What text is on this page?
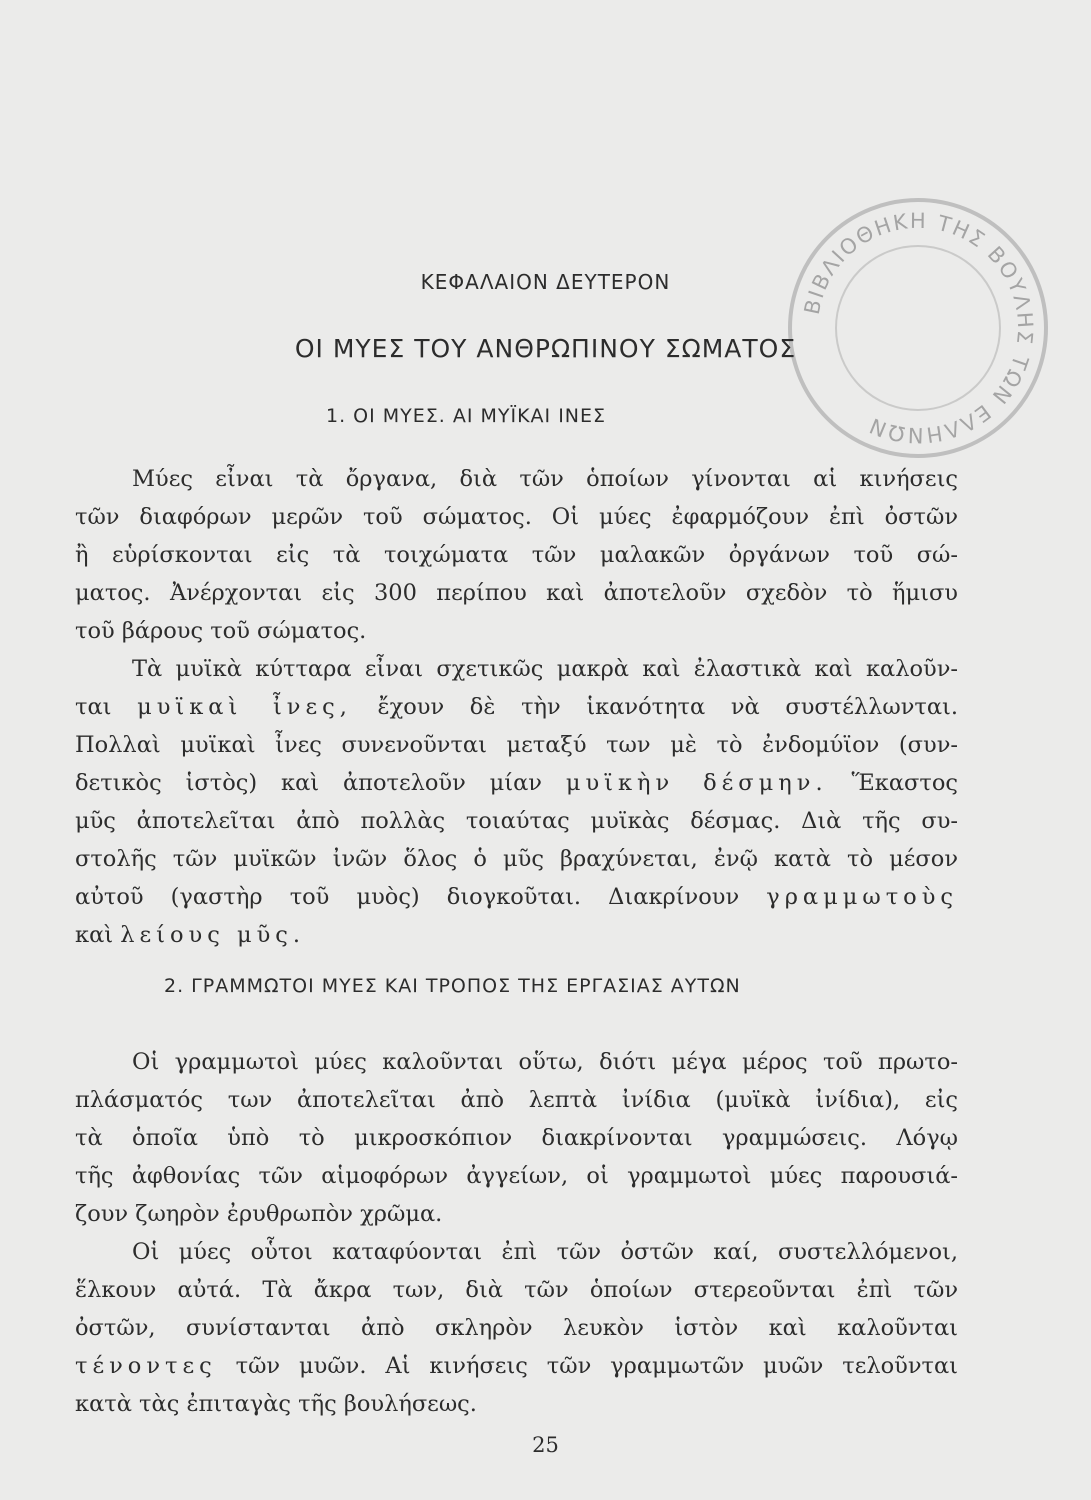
ΒΙΒΛΙΟΘΗΚΗ ΤΗΣ ΒΟΥΛΗΣ ΤΩΝ ΕΛΛΗΝΩΝ

ΚΕΦΑΛΑΙΟΝ ΔΕΥΤΕΡΟΝ

ΟΙ ΜΥΕΣ ΤΟΥ ΑΝΘΡΩΠΙΝΟΥ ΣΩΜΑΤΟΣ
1. ΟΙ ΜΥΕΣ. ΑΙ ΜΥΪΚΑΙ ΙΝΕΣ

Μύες εἶναι τὰ ὄργανα, διὰ τῶν ὁποίων γίνονται αἱ κινήσεις

τῶν διαφόρων μερῶν τοῦ σώματος. Οἱ μύες ἐφαρμόζουν ἐπὶ ὀστῶν

ἢ εὑρίσκονται εἰς τὰ τοιχώματα τῶν μαλακῶν ὀργάνων τοῦ σώ-

ματος. Ἀνέρχονται εἰς 300 περίπου καὶ ἀποτελοῦν σχεδὸν τὸ ἥμισυ

τοῦ βάρους τοῦ σώματος.

Τὰ μυϊκὰ κύτταρα εἶναι σχετικῶς μακρὰ καὶ ἐλαστικὰ καὶ καλοῦν-

ται μυϊκαὶ ἶνες, ἔχουν δὲ τὴν ἱκανότητα νὰ συστέλλωνται.

Πολλαὶ μυϊκαὶ ἶνες συνενοῦνται μεταξύ των μὲ τὸ ἐνδομύϊον (συν-

δετικὸς ἱστὸς) καὶ ἀποτελοῦν μίαν μυϊκὴν δέσμην. Ἕκαστος

μῦς ἀποτελεῖται ἀπὸ πολλὰς τοιαύτας μυϊκὰς δέσμας. Διὰ τῆς συ-

στολῆς τῶν μυϊκῶν ἰνῶν ὅλος ὁ μῦς βραχύνεται, ἐνῷ κατὰ τὸ μέσον

αὐτοῦ (γαστὴρ τοῦ μυὸς) διογκοῦται. Διακρίνουν γραμμωτοὺς

καὶ λείους μῦς.

2. ΓΡΑΜΜΩΤΟΙ ΜΥΕΣ ΚΑΙ ΤΡΟΠΟΣ ΤΗΣ ΕΡΓΑΣΙΑΣ ΑΥΤΩΝ

Οἱ γραμμωτοὶ μύες καλοῦνται οὕτω, διότι μέγα μέρος τοῦ πρωτο-

πλάσματός των ἀποτελεῖται ἀπὸ λεπτὰ ἰνίδια (μυϊκὰ ἰνίδια), εἰς

τὰ ὁποῖα ὑπὸ τὸ μικροσκόπιον διακρίνονται γραμμώσεις. Λόγῳ

τῆς ἀφθονίας τῶν αἱμοφόρων ἀγγείων, οἱ γραμμωτοὶ μύες παρουσιά-

ζουν ζωηρὸν ἐρυθρωπὸν χρῶμα.

Οἱ μύες οὗτοι καταφύονται ἐπὶ τῶν ὀστῶν καί, συστελλόμενοι,

ἕλκουν αὐτά. Τὰ ἄκρα των, διὰ τῶν ὁποίων στερεοῦνται ἐπὶ τῶν

ὀστῶν, συνίστανται ἀπὸ σκληρὸν λευκὸν ἱστὸν καὶ καλοῦνται

τένοντες τῶν μυῶν. Αἱ κινήσεις τῶν γραμμωτῶν μυῶν τελοῦνται

κατὰ τὰς ἐπιταγὰς τῆς βουλήσεως.

25
